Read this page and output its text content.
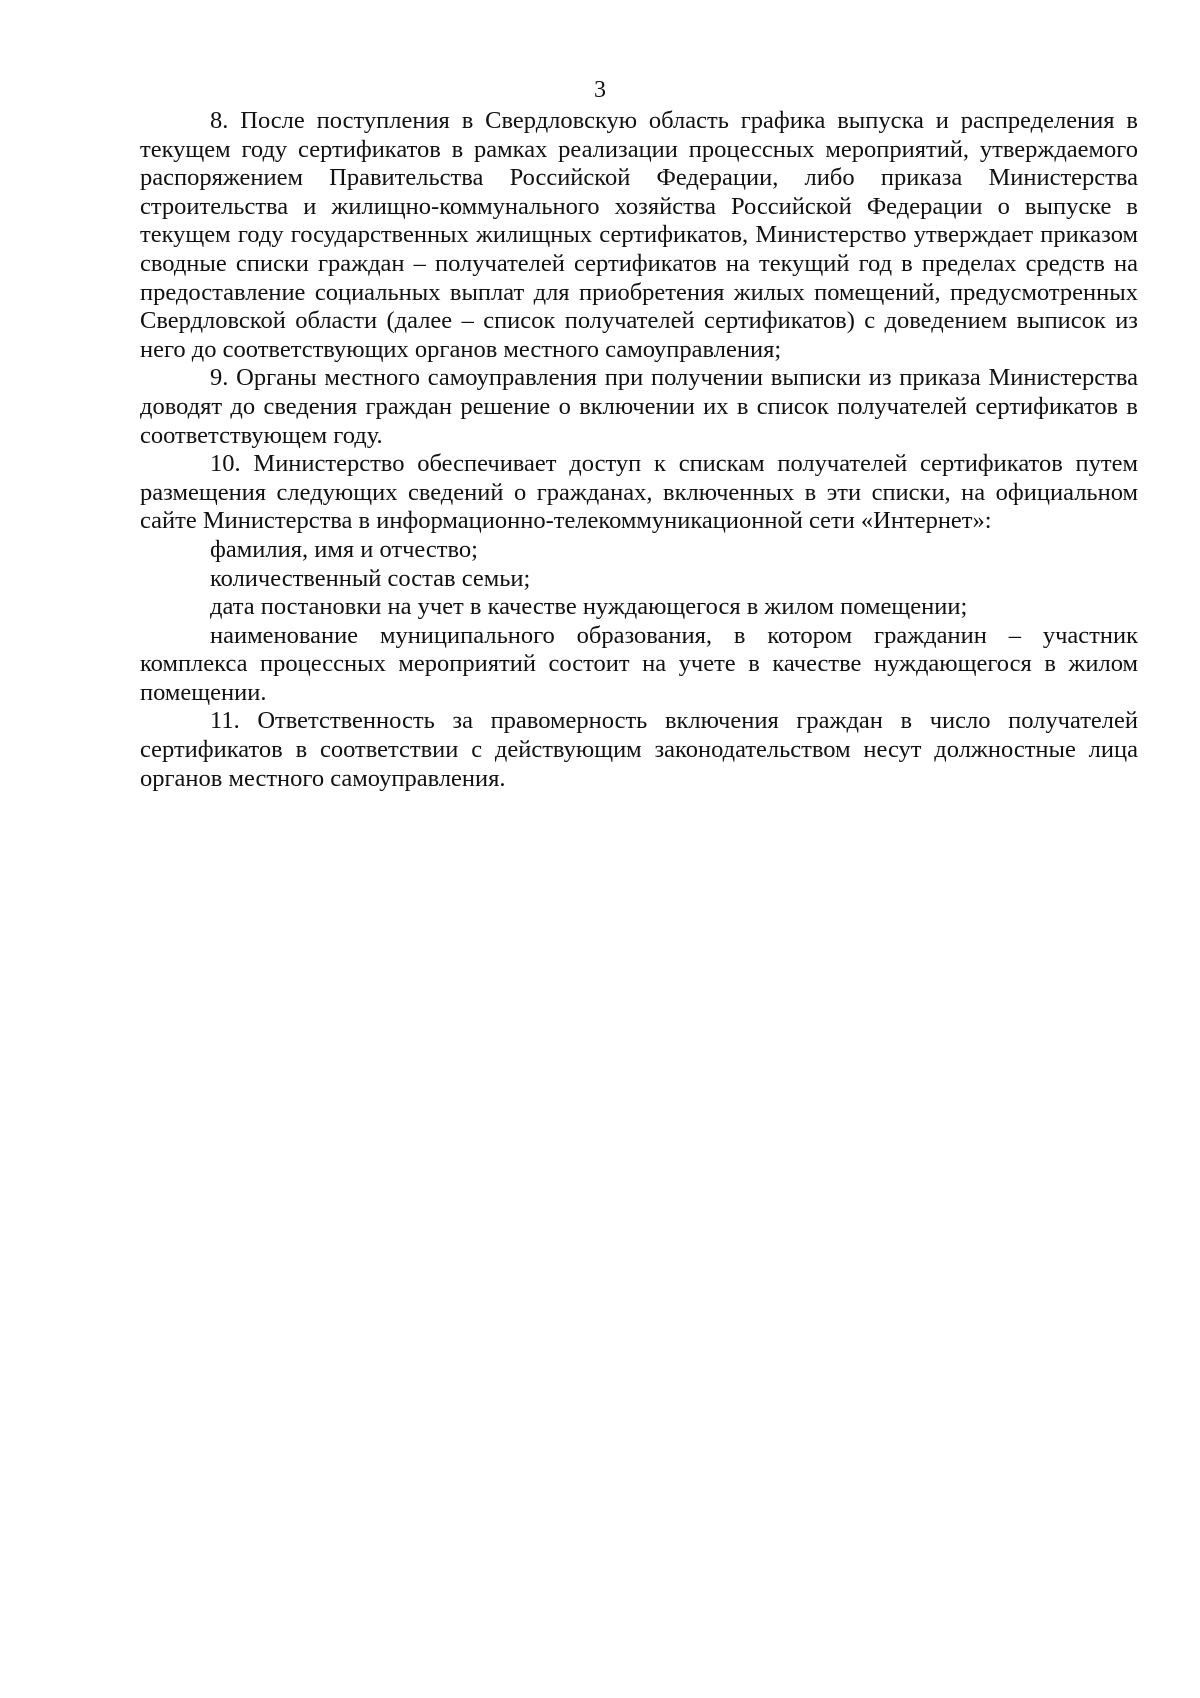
3

8. После поступления в Свердловскую область графика выпуска и распределения в текущем году сертификатов в рамках реализации процессных мероприятий, утверждаемого распоряжением Правительства Российской Федерации, либо приказа Министерства строительства и жилищно-коммунального хозяйства Российской Федерации о выпуске в текущем году государственных жилищных сертификатов, Министерство утверждает приказом сводные списки граждан – получателей сертификатов на текущий год в пределах средств на предоставление социальных выплат для приобретения жилых помещений, предусмотренных Свердловской области (далее – список получателей сертификатов) с доведением выписок из него до соответствующих органов местного самоуправления;

9. Органы местного самоуправления при получении выписки из приказа Министерства доводят до сведения граждан решение о включении их в список получателей сертификатов в соответствующем году.

10. Министерство обеспечивает доступ к спискам получателей сертификатов путем размещения следующих сведений о гражданах, включенных в эти списки, на официальном сайте Министерства в информационно-телекоммуникационной сети «Интернет»:

фамилия, имя и отчество;

количественный состав семьи;

дата постановки на учет в качестве нуждающегося в жилом помещении;

наименование муниципального образования, в котором гражданин – участник комплекса процессных мероприятий состоит на учете в качестве нуждающегося в жилом помещении.

11. Ответственность за правомерность включения граждан в число получателей сертификатов в соответствии с действующим законодательством несут должностные лица органов местного самоуправления.
